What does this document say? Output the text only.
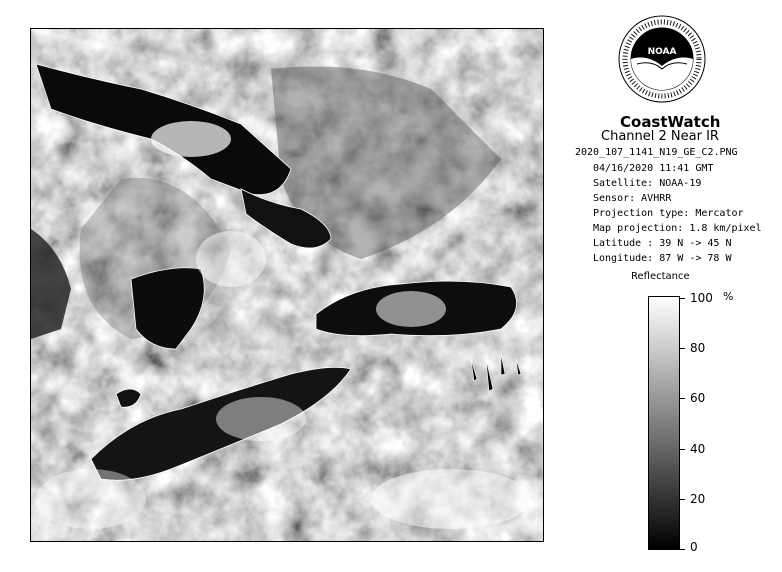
NOAA
CoastWatch
Channel 2 Near IR
2020_107_1141_N19_GE_C2.PNG
04/16/2020 11:41 GMT
Satellite: NOAA-19
Sensor: AVHRR
Projection type: Mercator
Map projection: 1.8 km/pixel
Latitude : 39 N -> 45 N
Longitude: 87 W -> 78 W
Reflectance
%
100
80
60
40
20
0
